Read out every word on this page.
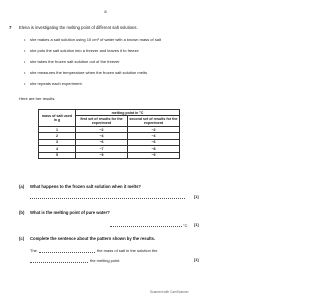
8
7 Elena is investigating the melting point of different salt solutions.
• she makes a salt solution using 10 cm³ of water with a known mass of salt
• she puts the salt solution into a freezer and leaves it to freeze
• she takes the frozen salt solution out of the freezer
• she measures the temperature when the frozen salt solution melts
• she repeats each experiment.
Here are her results.
mass of salt used in g	melting point in °C	
	first set of results for the experiment	second set of results for the experiment
1	−2	−2
2	−4	−4
3	−6	−6
4	−7	−8
5	−9	−9
(a) What happens to the frozen salt solution when it melts?
[1]
(b) What is the melting point of pure water?
°C [1]
(c) Complete the sentence about the pattern shown by the results.
The	the mass of salt in the solution the
the melting point.	[1]
Scanned with CamScanner
